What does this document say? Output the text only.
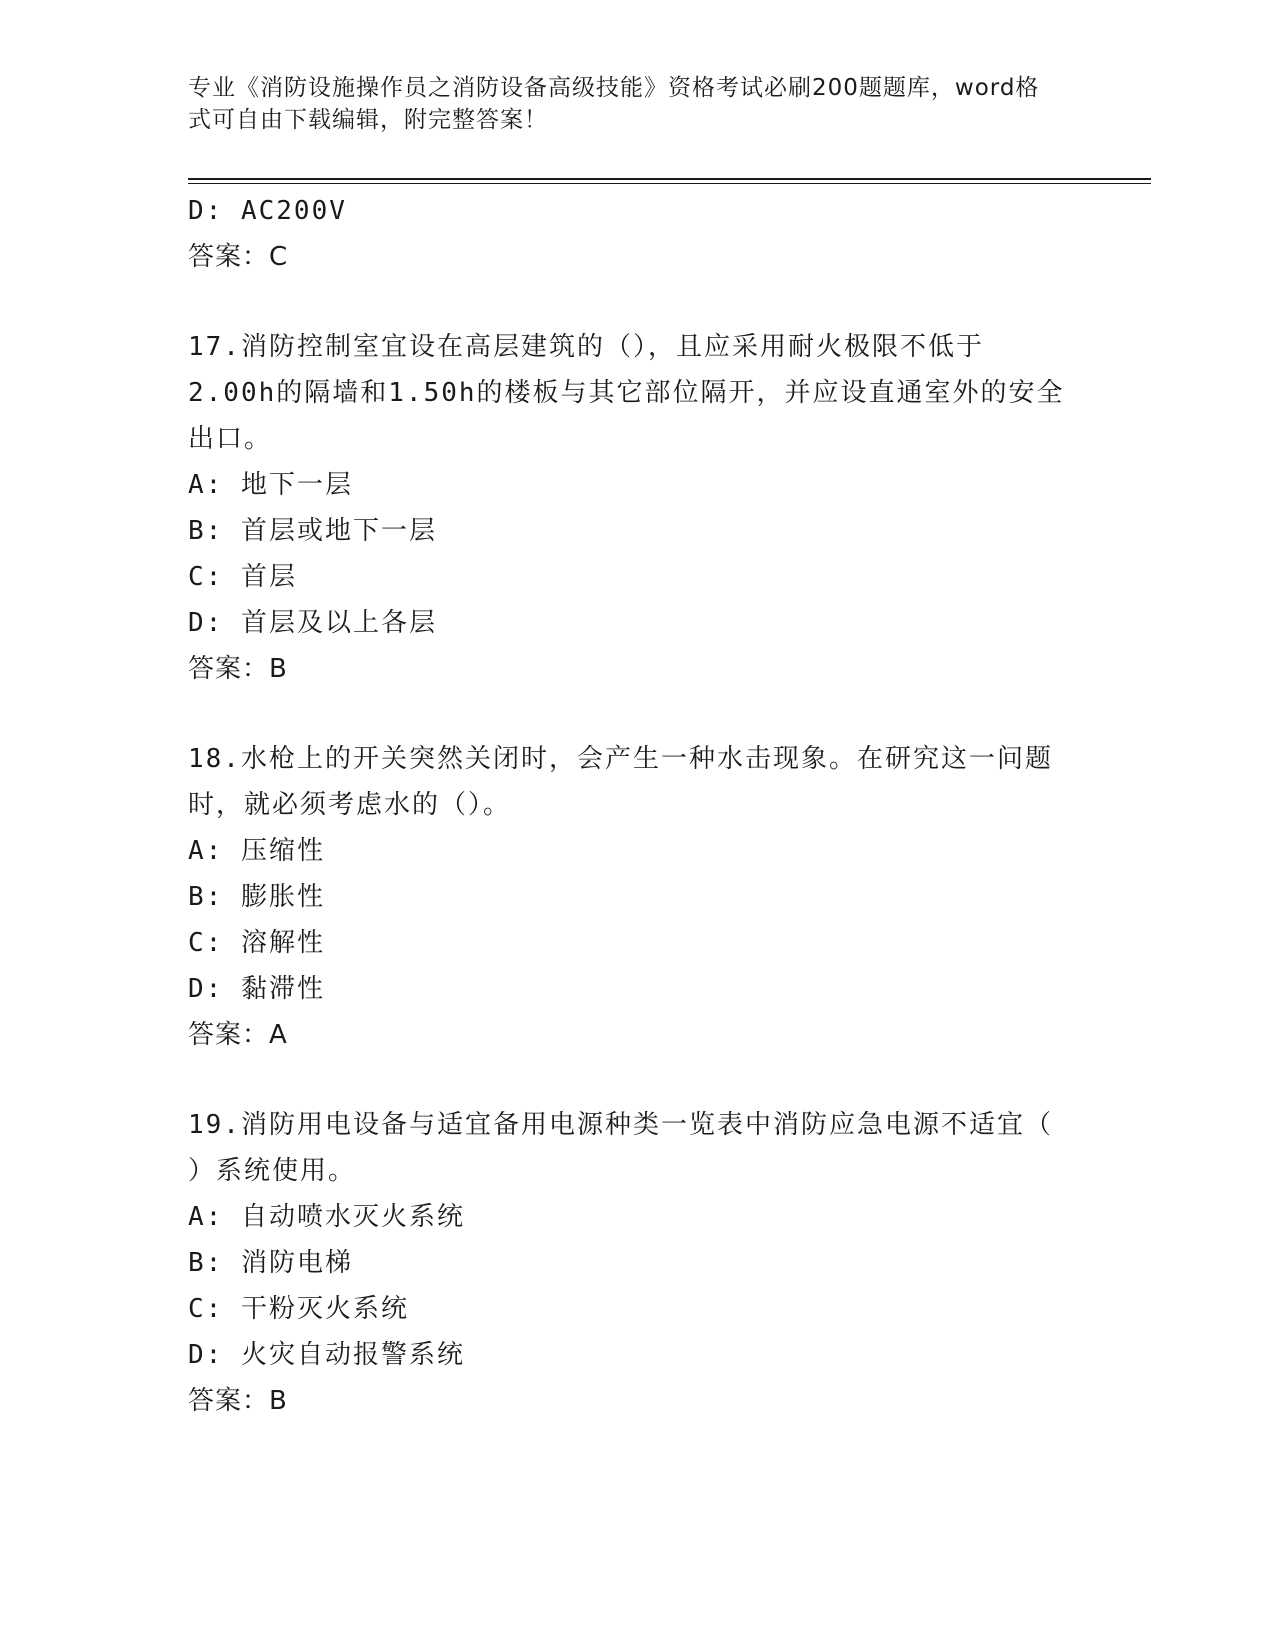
专业《消防设施操作员之消防设备高级技能》资格考试必刷200题题库，word格
式可自由下载编辑，附完整答案！
D: AC200V
答案：C
17.消防控制室宜设在高层建筑的（），且应采用耐火极限不低于
2.00h的隔墙和1.50h的楼板与其它部位隔开，并应设直通室外的安全
出口。
A: 地下一层
B: 首层或地下一层
C: 首层
D: 首层及以上各层
答案：B
18.水枪上的开关突然关闭时，会产生一种水击现象。在研究这一问题
时，就必须考虑水的（）。
A: 压缩性
B: 膨胀性
C: 溶解性
D: 黏滞性
答案：A
19.消防用电设备与适宜备用电源种类一览表中消防应急电源不适宜（
）系统使用。
A: 自动喷水灭火系统
B: 消防电梯
C: 干粉灭火系统
D: 火灾自动报警系统
答案：B
